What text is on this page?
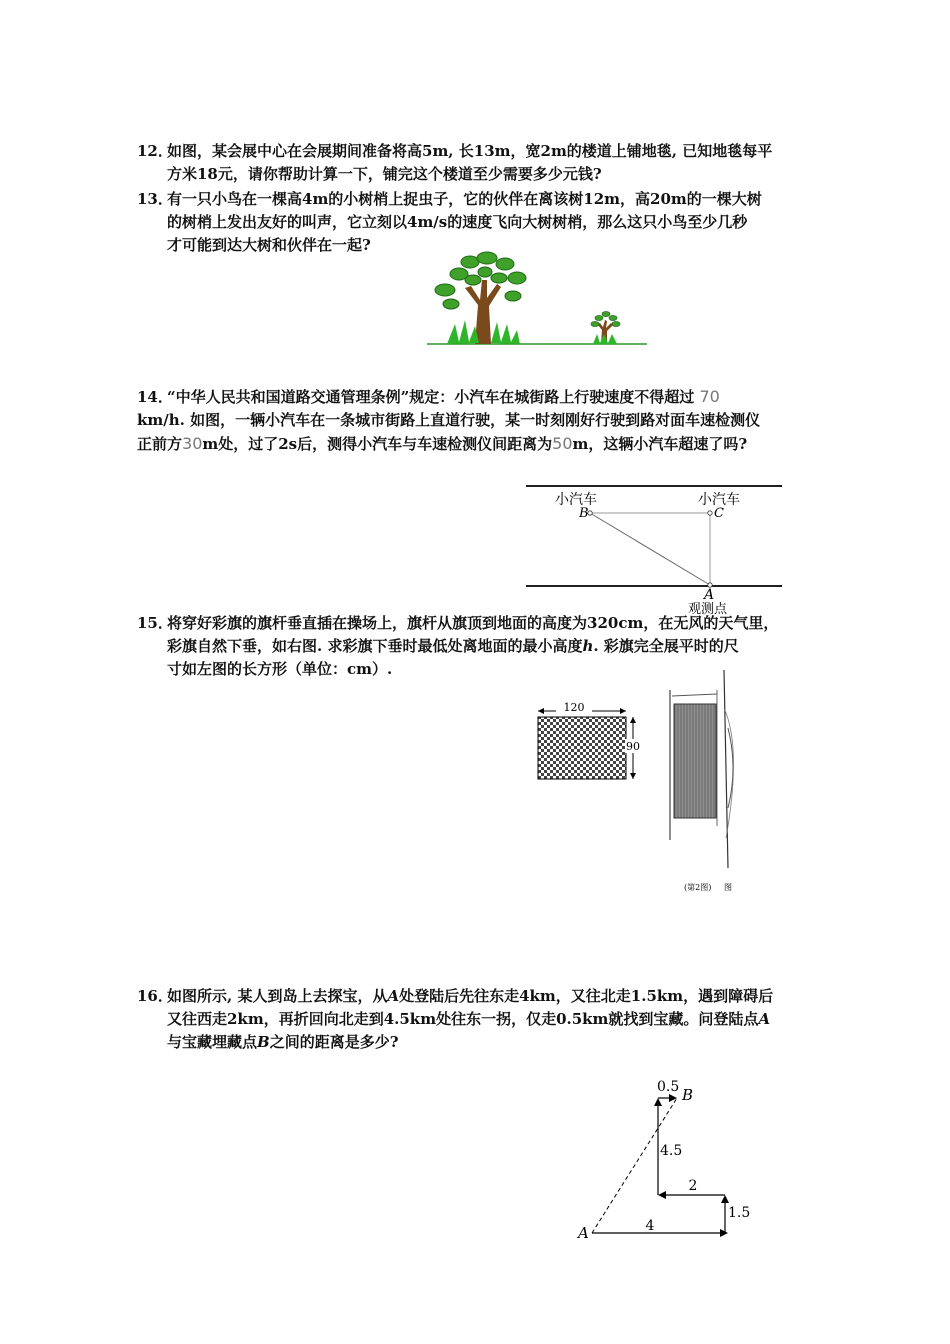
12．如图，某会展中心在会展期间准备将高5m, 长13m，宽2m的楼道上铺地毯, 已知地毯每平
方米18元，请你帮助计算一下，铺完这个楼道至少需要多少元钱?
13．有一只小鸟在一棵高4m的小树梢上捉虫子，它的伙伴在离该树12m，高20m的一棵大树
的树梢上发出友好的叫声，它立刻以4m/s的速度飞向大树树梢，那么这只小鸟至少几秒
才可能到达大树和伙伴在一起?
14．“中华人民共和国道路交通管理条例”规定：小汽车在城街路上行驶速度不得超过 70
km/h. 如图，一辆小汽车在一条城市街路上直道行驶，某一时刻刚好行驶到路对面车速检测仪
正前方30m处，过了2s后，测得小汽车与车速检测仪间距离为50m，这辆小汽车超速了吗?
小汽车	小汽车
B	C
A
观测点
15．将穿好彩旗的旗杆垂直插在操场上，旗杆从旗顶到地面的高度为320cm，在无风的天气里，
彩旗自然下垂，如右图. 求彩旗下垂时最低处离地面的最小高度h. 彩旗完全展平时的尺
寸如左图的长方形（单位：cm）.
120
90
(第2图) 图
16．如图所示, 某人到岛上去探宝，从A处登陆后先往东走4km，又往北走1.5km，遇到障碍后
又往西走2km，再折回向北走到4.5km处往东一拐，仅走0.5km就找到宝藏。问登陆点A
与宝藏埋藏点B之间的距离是多少?
A
B
4
1.5
2
4.5
0.5
